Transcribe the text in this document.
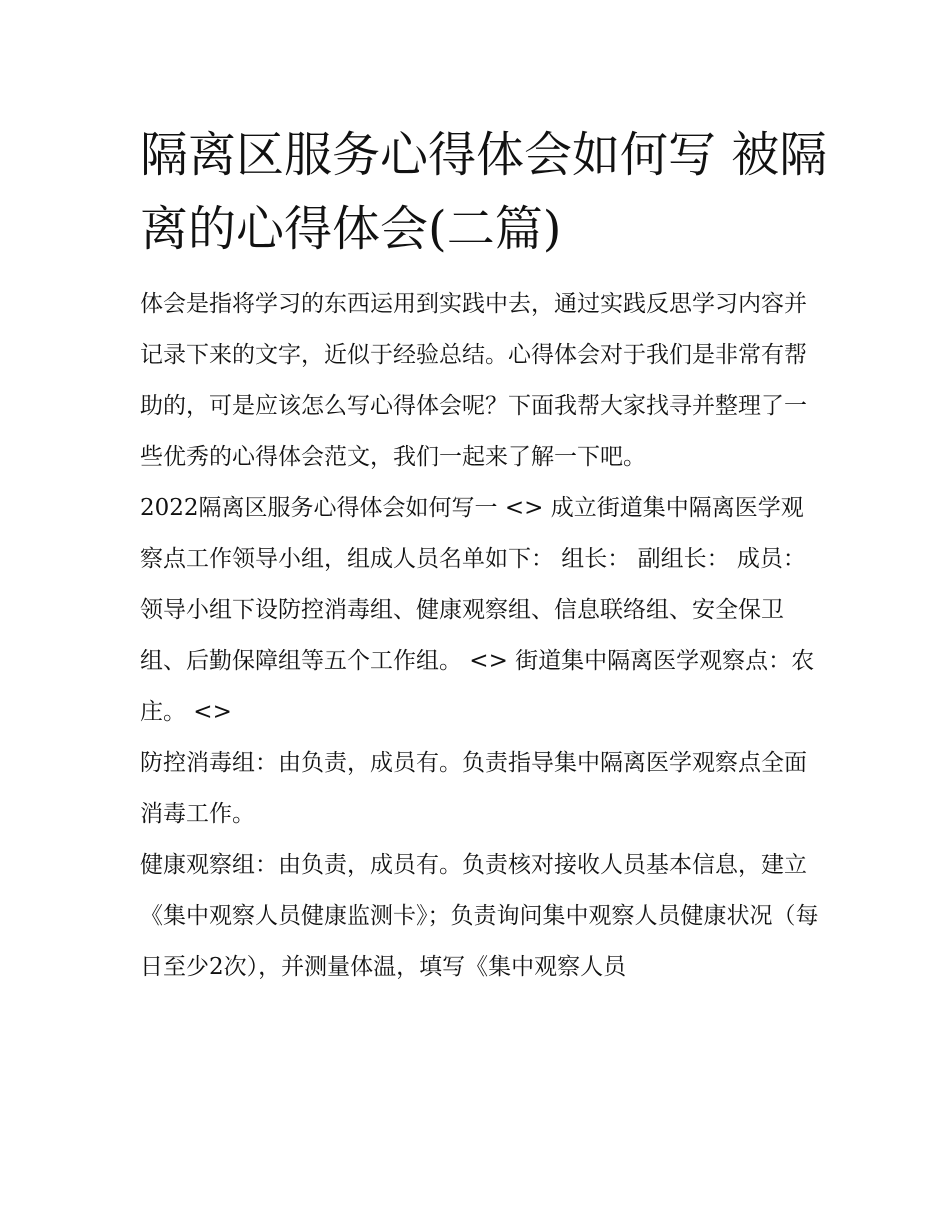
隔离区服务心得体会如何写 被隔离的心得体会(二篇)

体会是指将学习的东西运用到实践中去，通过实践反思学习内容并记录下来的文字，近似于经验总结。心得体会对于我们是非常有帮助的，可是应该怎么写心得体会呢？下面我帮大家找寻并整理了一些优秀的心得体会范文，我们一起来了解一下吧。

2022隔离区服务心得体会如何写一 <> 成立街道集中隔离医学观察点工作领导小组，组成人员名单如下： 组长： 副组长： 成员：

领导小组下设防控消毒组、健康观察组、信息联络组、安全保卫组、后勤保障组等五个工作组。 <> 街道集中隔离医学观察点：农庄。 <>

防控消毒组：由负责，成员有。负责指导集中隔离医学观察点全面消毒工作。

健康观察组：由负责，成员有。负责核对接收人员基本信息，建立《集中观察人员健康监测卡》；负责询问集中观察人员健康状况（每日至少2次），并测量体温，填写《集中观察人员
